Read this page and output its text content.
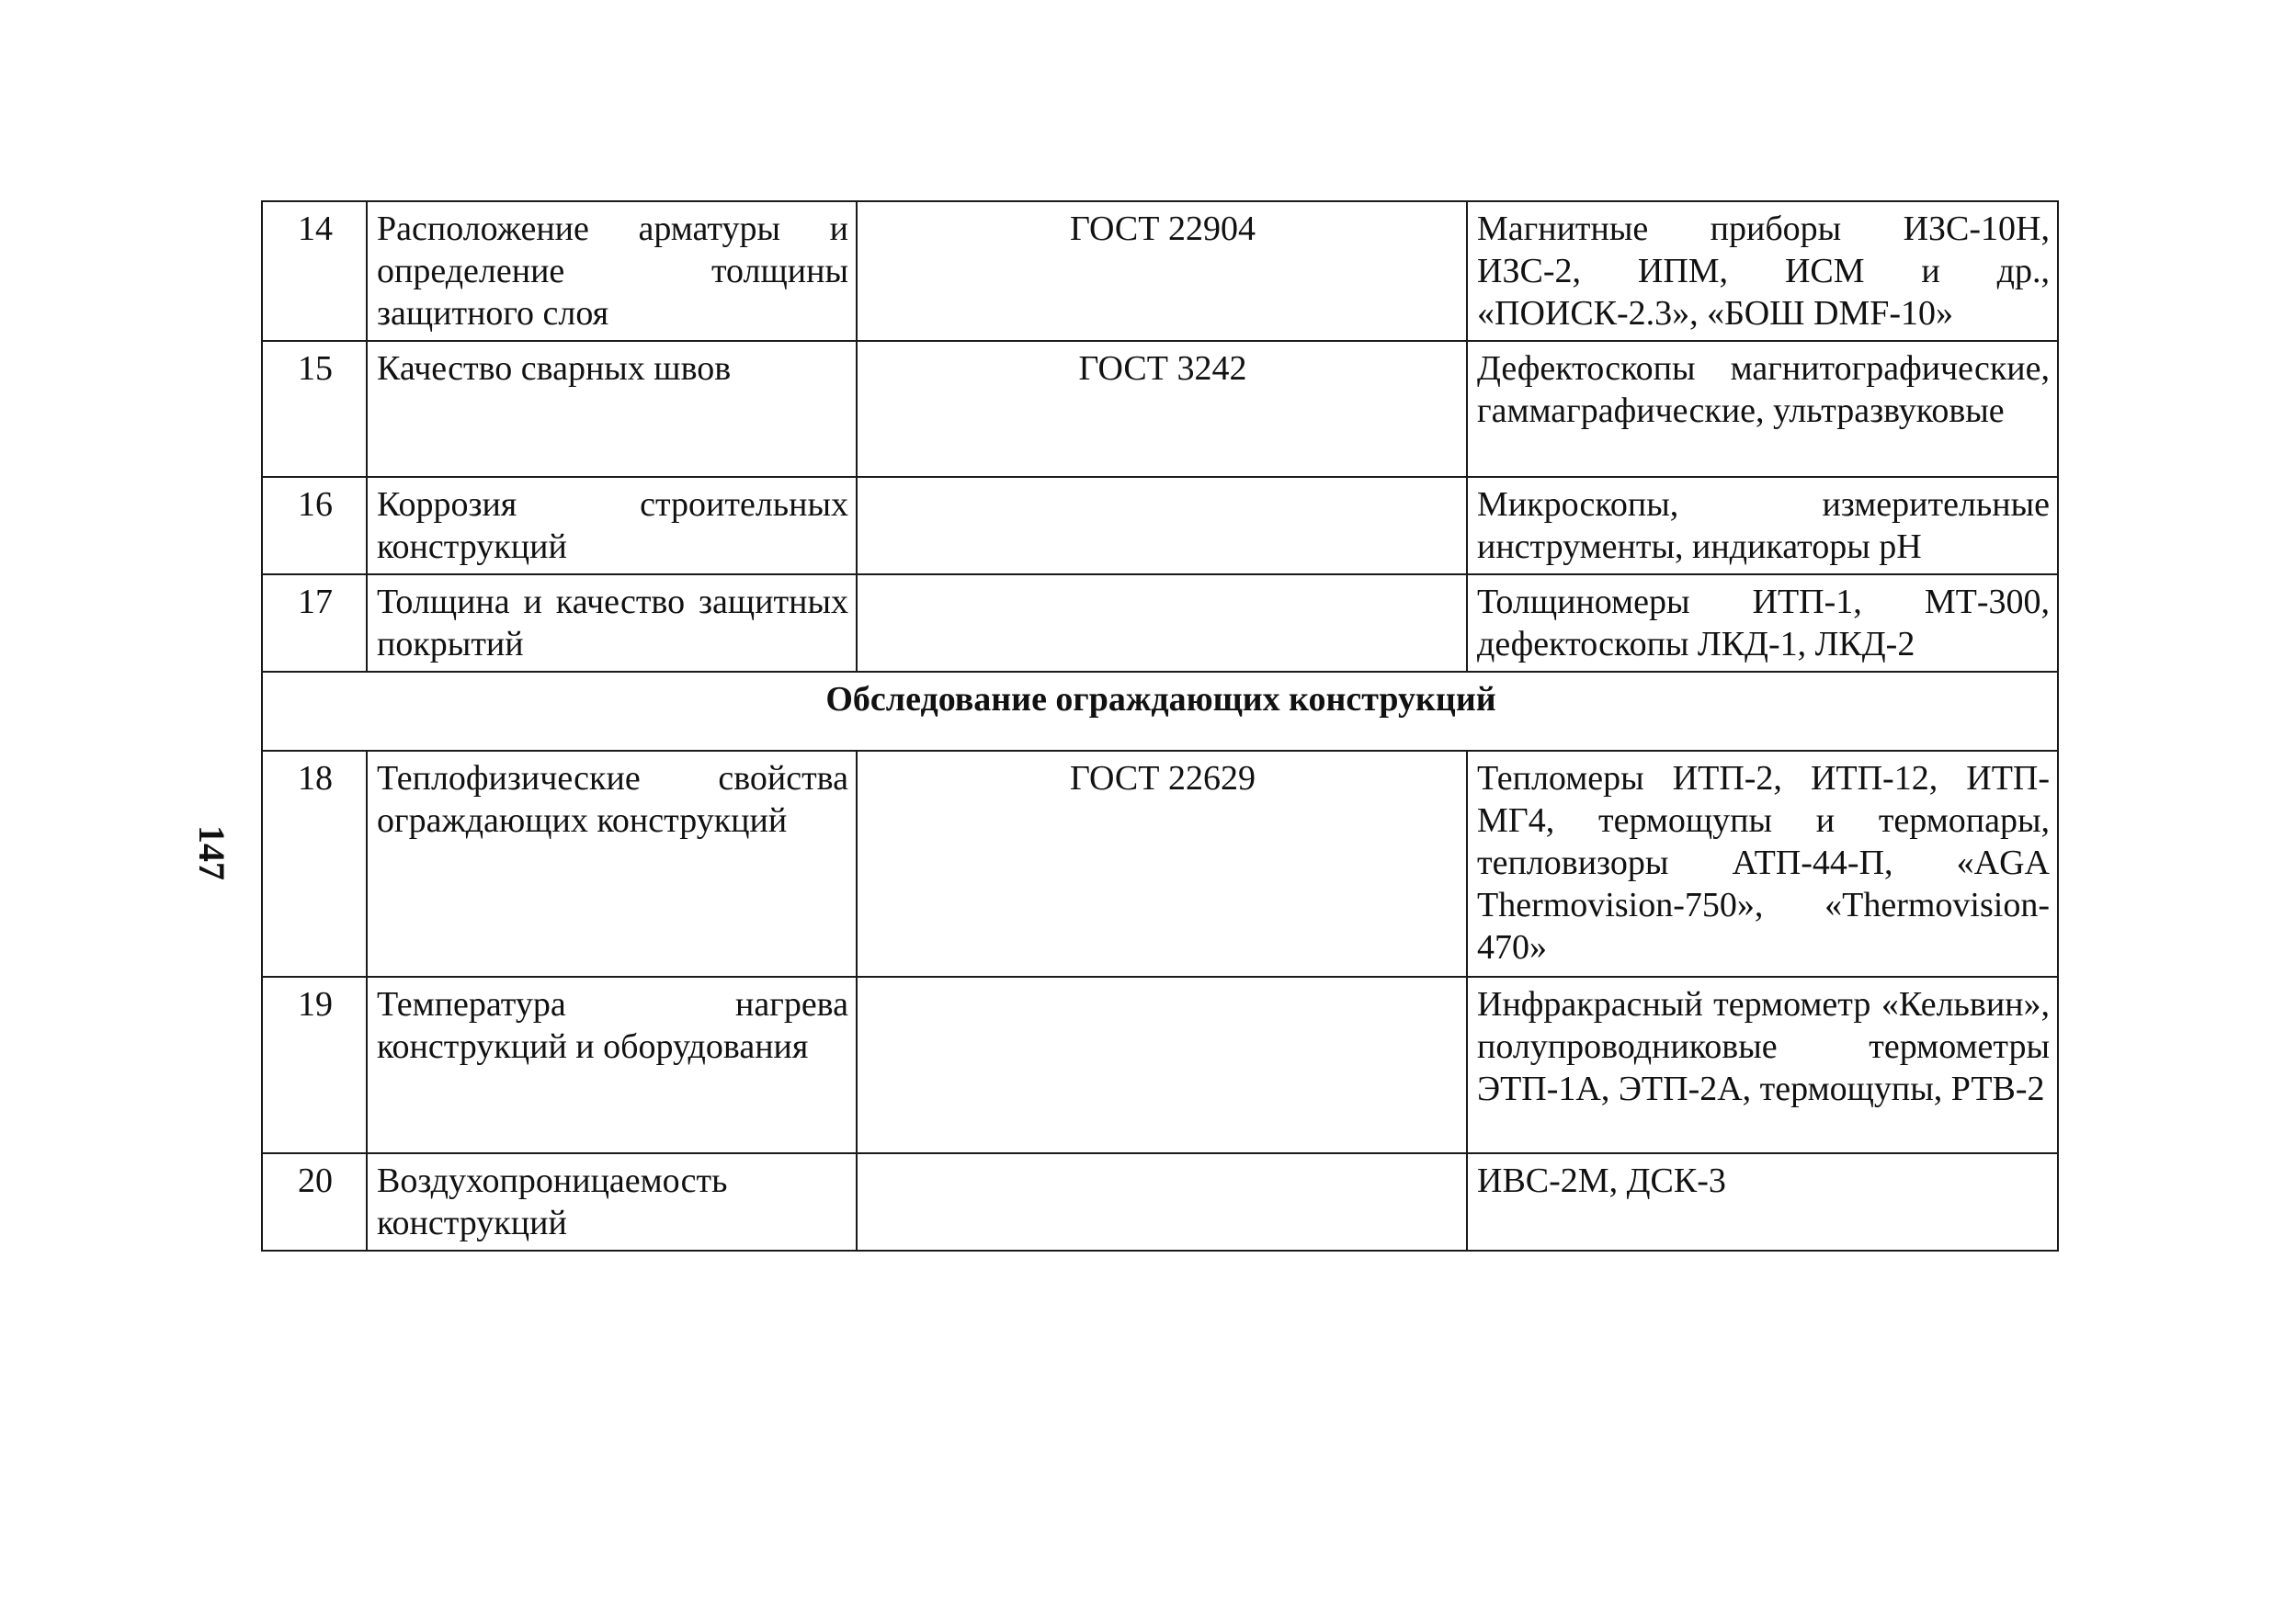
147
14	Расположение арматуры и определение толщины защитного слоя	ГОСТ 22904	Магнитные приборы ИЗС-10Н, ИЗС-2, ИПМ, ИСМ и др., «ПОИСК-2.3», «БОШ DMF-10»
15	Качество сварных швов	ГОСТ 3242	Дефектоскопы магнитографические, гаммаграфические, ультразвуковые
16	Коррозия строительных конструкций		Микроскопы, измерительные инструменты, индикаторы pH
17	Толщина и качество защитных покрытий		Толщиномеры ИТП-1, МТ-300, дефектоскопы ЛКД-1, ЛКД-2
Обследование ограждающих конструкций			
18	Теплофизические свойства ограждающих конструкций	ГОСТ 22629	Тепломеры ИТП-2, ИТП-12, ИТП-МГ4, термощупы и термопары, тепловизоры АТП-44-П, «AGA Thermovision-750», «Thermovision-470»
19	Температура нагрева конструкций и оборудования		Инфракрасный термометр «Кельвин», полупроводниковые термометры ЭТП-1А, ЭТП-2А, термощупы, РТВ-2
20	Воздухопроницаемость конструкций		ИВС-2М, ДСК-3
